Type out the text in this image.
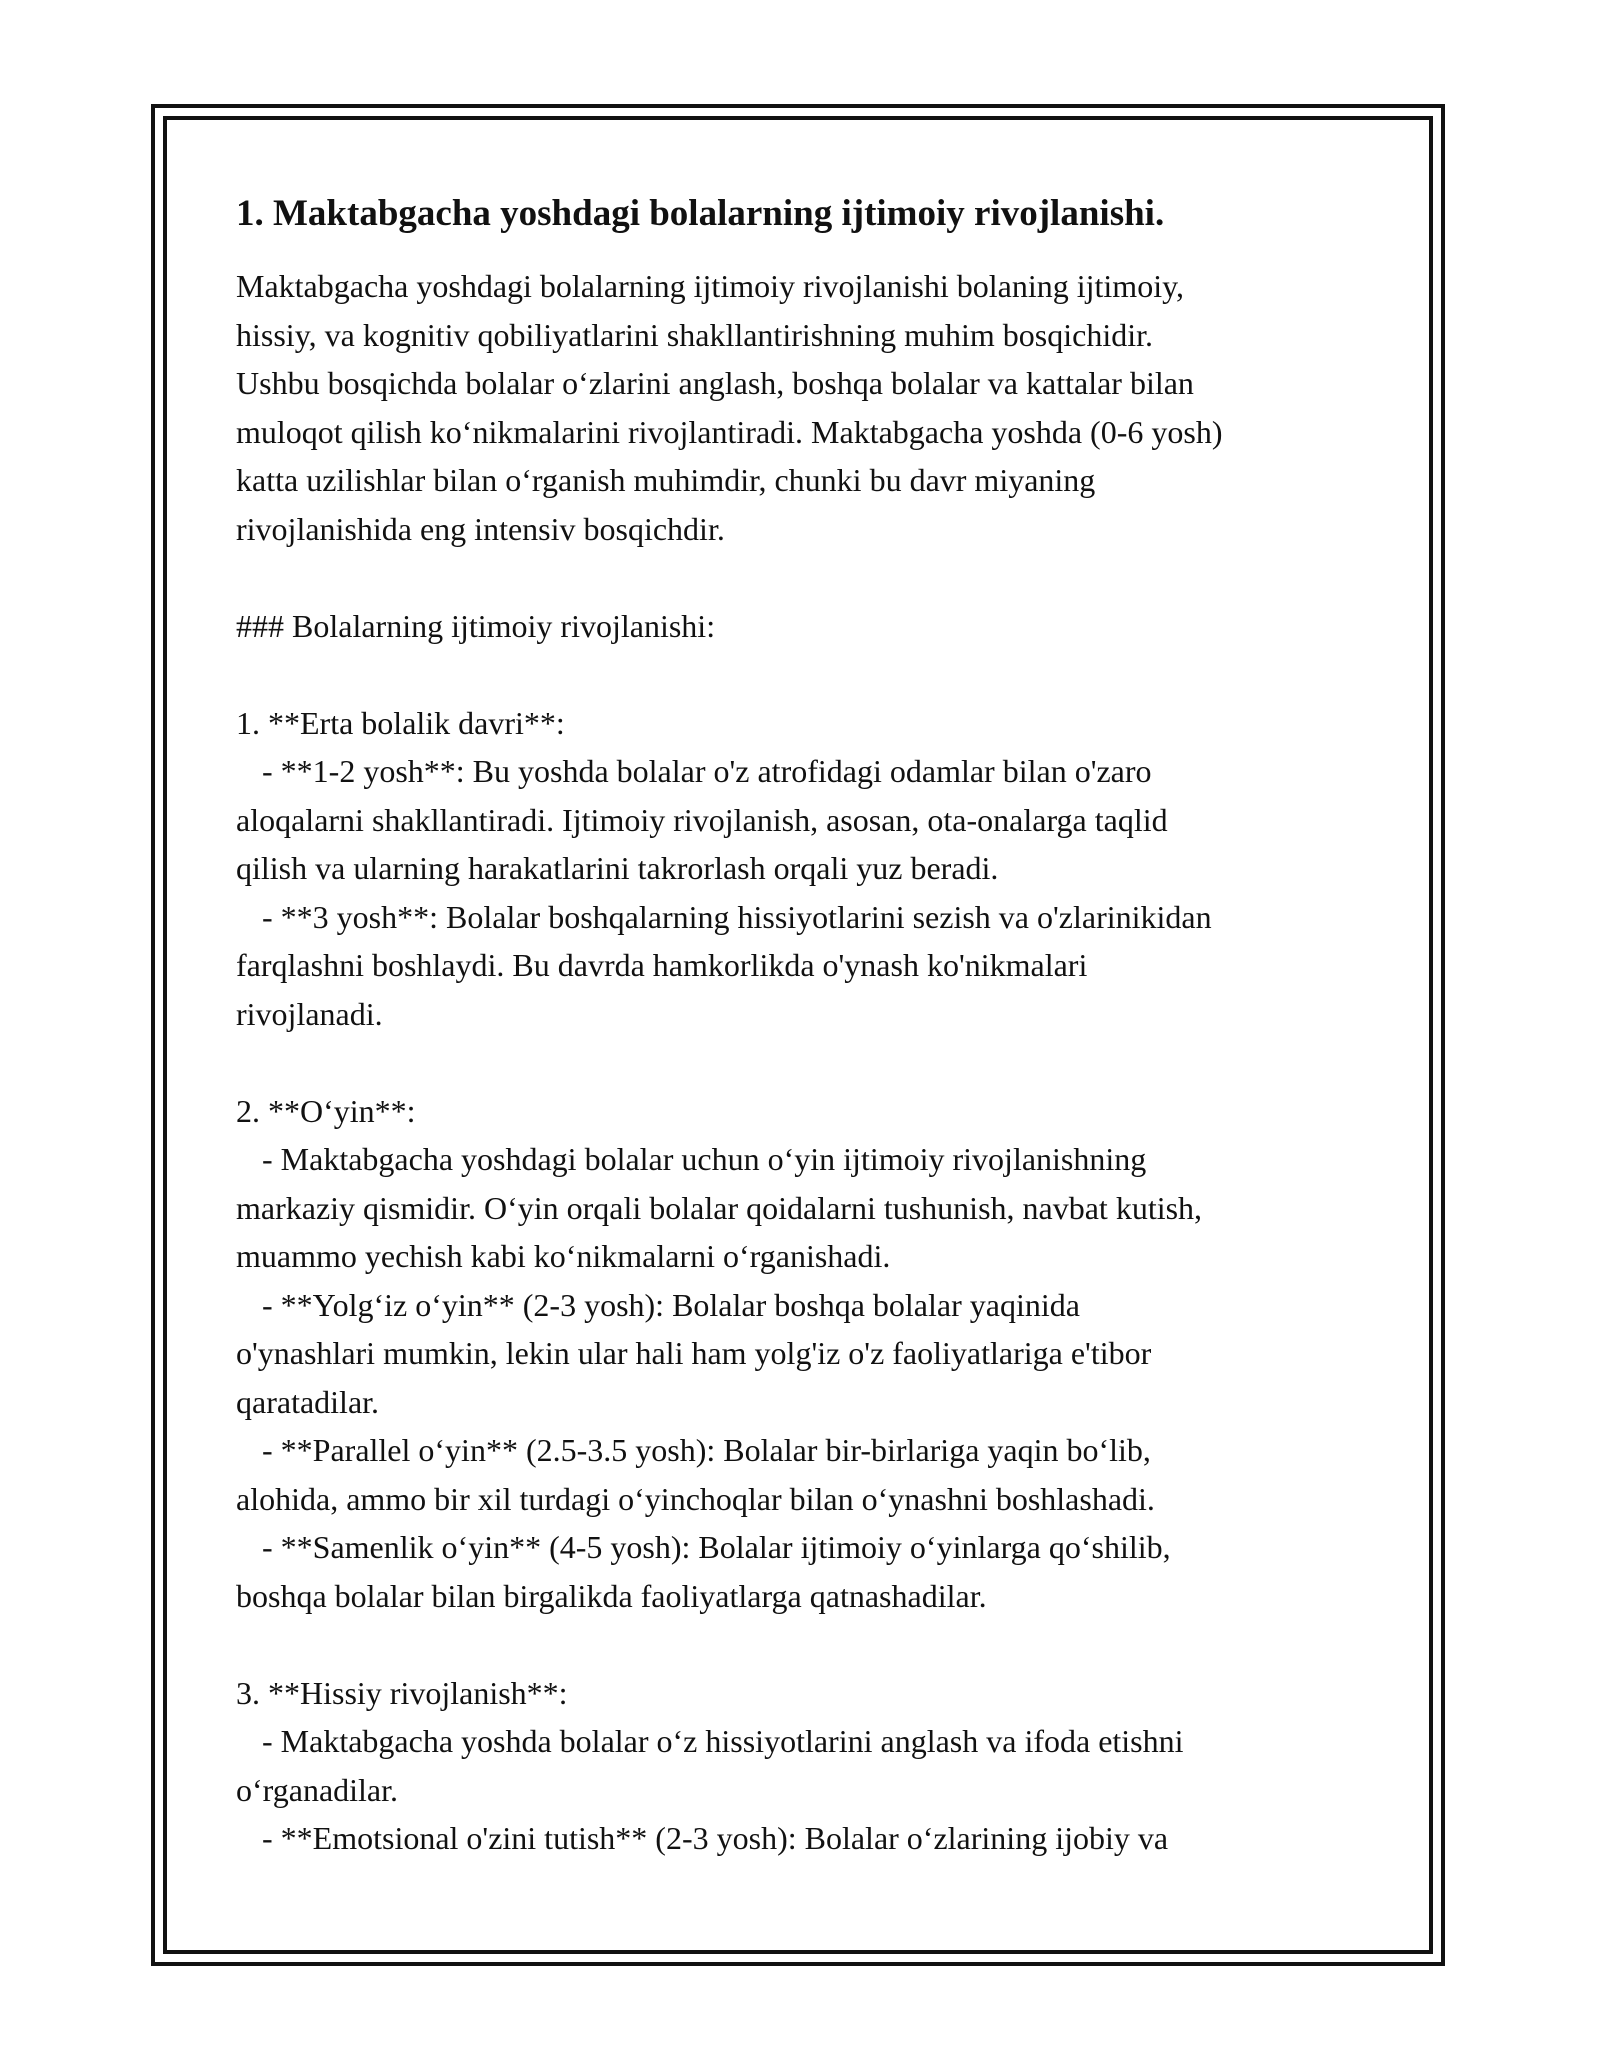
1. Maktabgacha yoshdagi bolalarning ijtimoiy rivojlanishi.
Maktabgacha yoshdagi bolalarning ijtimoiy rivojlanishi bolaning ijtimoiy,
hissiy, va kognitiv qobiliyatlarini shakllantirishning muhim bosqichidir.
Ushbu bosqichda bolalar o‘zlarini anglash, boshqa bolalar va kattalar bilan
muloqot qilish ko‘nikmalarini rivojlantiradi. Maktabgacha yoshda (0-6 yosh)
katta uzilishlar bilan o‘rganish muhimdir, chunki bu davr miyaning
rivojlanishida eng intensiv bosqichdir.
### Bolalarning ijtimoiy rivojlanishi:
1. **Erta bolalik davri**:
- **1-2 yosh**: Bu yoshda bolalar o'z atrofidagi odamlar bilan o'zaro
aloqalarni shakllantiradi. Ijtimoiy rivojlanish, asosan, ota-onalarga taqlid
qilish va ularning harakatlarini takrorlash orqali yuz beradi.
- **3 yosh**: Bolalar boshqalarning hissiyotlarini sezish va o'zlarinikidan
farqlashni boshlaydi. Bu davrda hamkorlikda o'ynash ko'nikmalari
rivojlanadi.
2. **O‘yin**:
- Maktabgacha yoshdagi bolalar uchun o‘yin ijtimoiy rivojlanishning
markaziy qismidir. O‘yin orqali bolalar qoidalarni tushunish, navbat kutish,
muammo yechish kabi ko‘nikmalarni o‘rganishadi.
- **Yolg‘iz o‘yin** (2-3 yosh): Bolalar boshqa bolalar yaqinida
o'ynashlari mumkin, lekin ular hali ham yolg'iz o'z faoliyatlariga e'tibor
qaratadilar.
- **Parallel o‘yin** (2.5-3.5 yosh): Bolalar bir-birlariga yaqin bo‘lib,
alohida, ammo bir xil turdagi o‘yinchoqlar bilan o‘ynashni boshlashadi.
- **Samenlik o‘yin** (4-5 yosh): Bolalar ijtimoiy o‘yinlarga qo‘shilib,
boshqa bolalar bilan birgalikda faoliyatlarga qatnashadilar.
3. **Hissiy rivojlanish**:
- Maktabgacha yoshda bolalar o‘z hissiyotlarini anglash va ifoda etishni
o‘rganadilar.
- **Emotsional o'zini tutish** (2-3 yosh): Bolalar o‘zlarining ijobiy va
